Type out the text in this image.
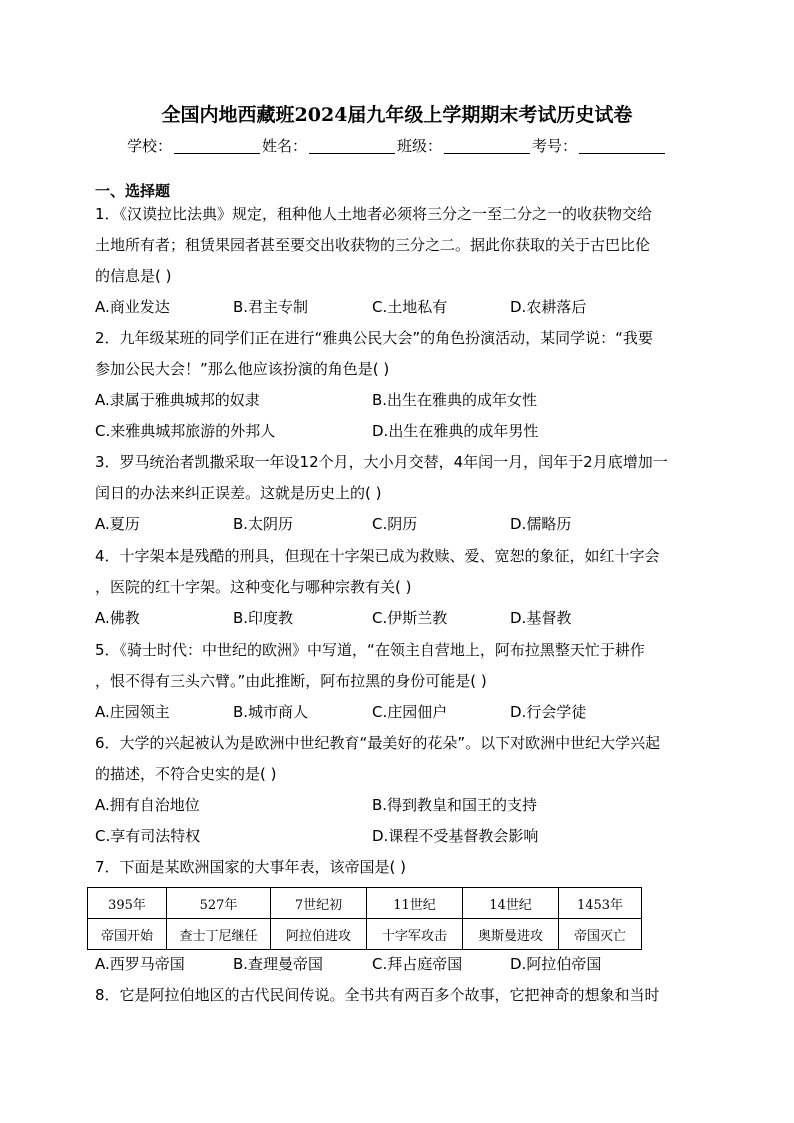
全国内地西藏班2024届九年级上学期期末考试历史试卷
学校：	姓名：	班级：	考号：
一、选择题
1．《汉谟拉比法典》规定，租种他人土地者必须将三分之一至二分之一的收获物交给
土地所有者；租赁果园者甚至要交出收获物的三分之二。据此你获取的关于古巴比伦
的信息是( )
A.商业发达	B.君主专制	C.土地私有	D.农耕落后
2．九年级某班的同学们正在进行“雅典公民大会”的角色扮演活动，某同学说：“我要
参加公民大会！”那么他应该扮演的角色是( )
A.隶属于雅典城邦的奴隶	B.出生在雅典的成年女性
C.来雅典城邦旅游的外邦人	D.出生在雅典的成年男性
3．罗马统治者凯撒采取一年设12个月，大小月交替，4年闰一月，闰年于2月底增加一
闰日的办法来纠正误差。这就是历史上的( )
A.夏历	B.太阴历	C.阴历	D.儒略历
4．十字架本是残酷的刑具，但现在十字架已成为救赎、爱、宽恕的象征，如红十字会
，医院的红十字架。这种变化与哪种宗教有关( )
A.佛教	B.印度教	C.伊斯兰教	D.基督教
5．《骑士时代：中世纪的欧洲》中写道，“在领主自营地上，阿布拉黑整天忙于耕作
，恨不得有三头六臂。”由此推断，阿布拉黑的身份可能是( )
A.庄园领主	B.城市商人	C.庄园佃户	D.行会学徒
6．大学的兴起被认为是欧洲中世纪教育“最美好的花朵”。以下对欧洲中世纪大学兴起
的描述，不符合史实的是( )
A.拥有自治地位	B.得到教皇和国王的支持
C.享有司法特权	D.课程不受基督教会影响
7．下面是某欧洲国家的大事年表，该帝国是( )
395年	527年	7世纪初	11世纪	14世纪	1453年
帝国开始	查士丁尼继任	阿拉伯进攻	十字军攻击	奥斯曼进攻	帝国灭亡
A.西罗马帝国	B.查理曼帝国	C.拜占庭帝国	D.阿拉伯帝国
8．它是阿拉伯地区的古代民间传说。全书共有两百多个故事，它把神奇的想象和当时
